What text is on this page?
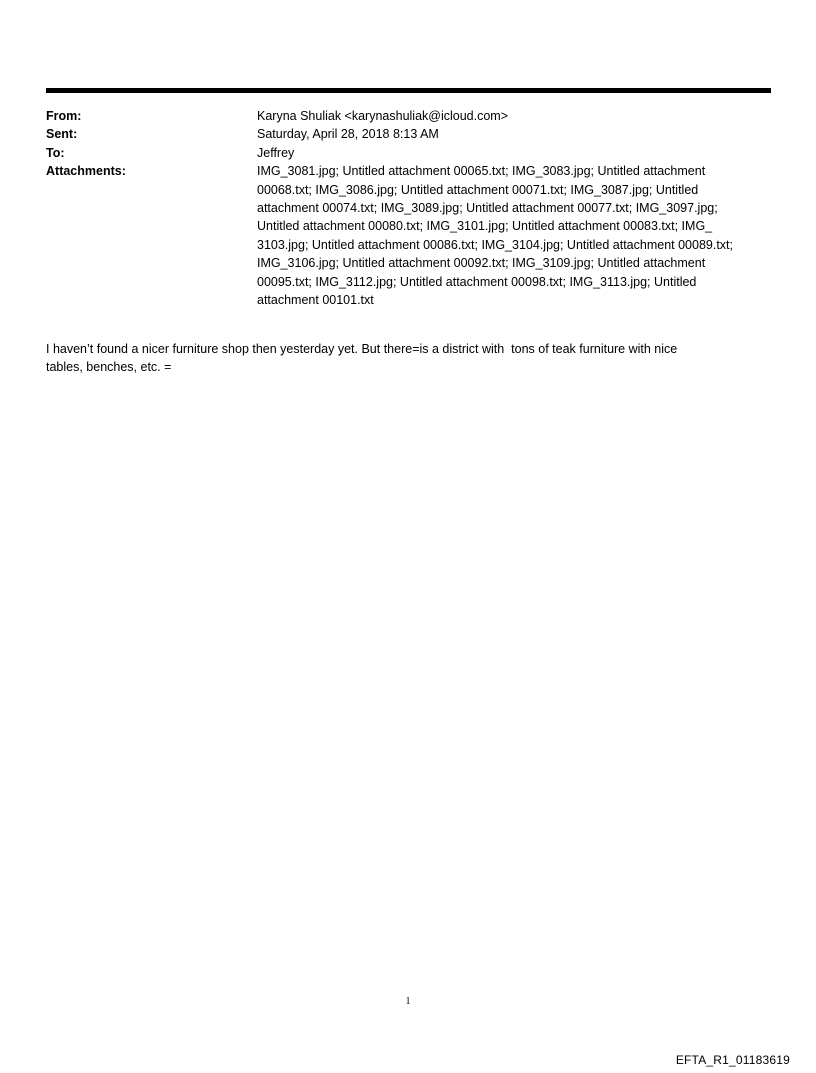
From:	Karyna Shuliak <karynashuliak@icloud.com>
Sent:	Saturday, April 28, 2018 8:13 AM
To:	Jeffrey
Attachments:	IMG_3081.jpg; Untitled attachment 00065.txt; IMG_3083.jpg; Untitled attachment
00068.txt; IMG_3086.jpg; Untitled attachment 00071.txt; IMG_3087.jpg; Untitled
attachment 00074.txt; IMG_3089.jpg; Untitled attachment 00077.txt; IMG_3097.jpg;
Untitled attachment 00080.txt; IMG_3101.jpg; Untitled attachment 00083.txt; IMG_
3103.jpg; Untitled attachment 00086.txt; IMG_3104.jpg; Untitled attachment 00089.txt;
IMG_3106.jpg; Untitled attachment 00092.txt; IMG_3109.jpg; Untitled attachment
00095.txt; IMG_3112.jpg; Untitled attachment 00098.txt; IMG_3113.jpg; Untitled
attachment 00101.txt
I haven’t found a nicer furniture shop then yesterday yet. But there=is a district with  tons of teak furniture with nice
tables, benches, etc. =
1
EFTA_R1_01183619
